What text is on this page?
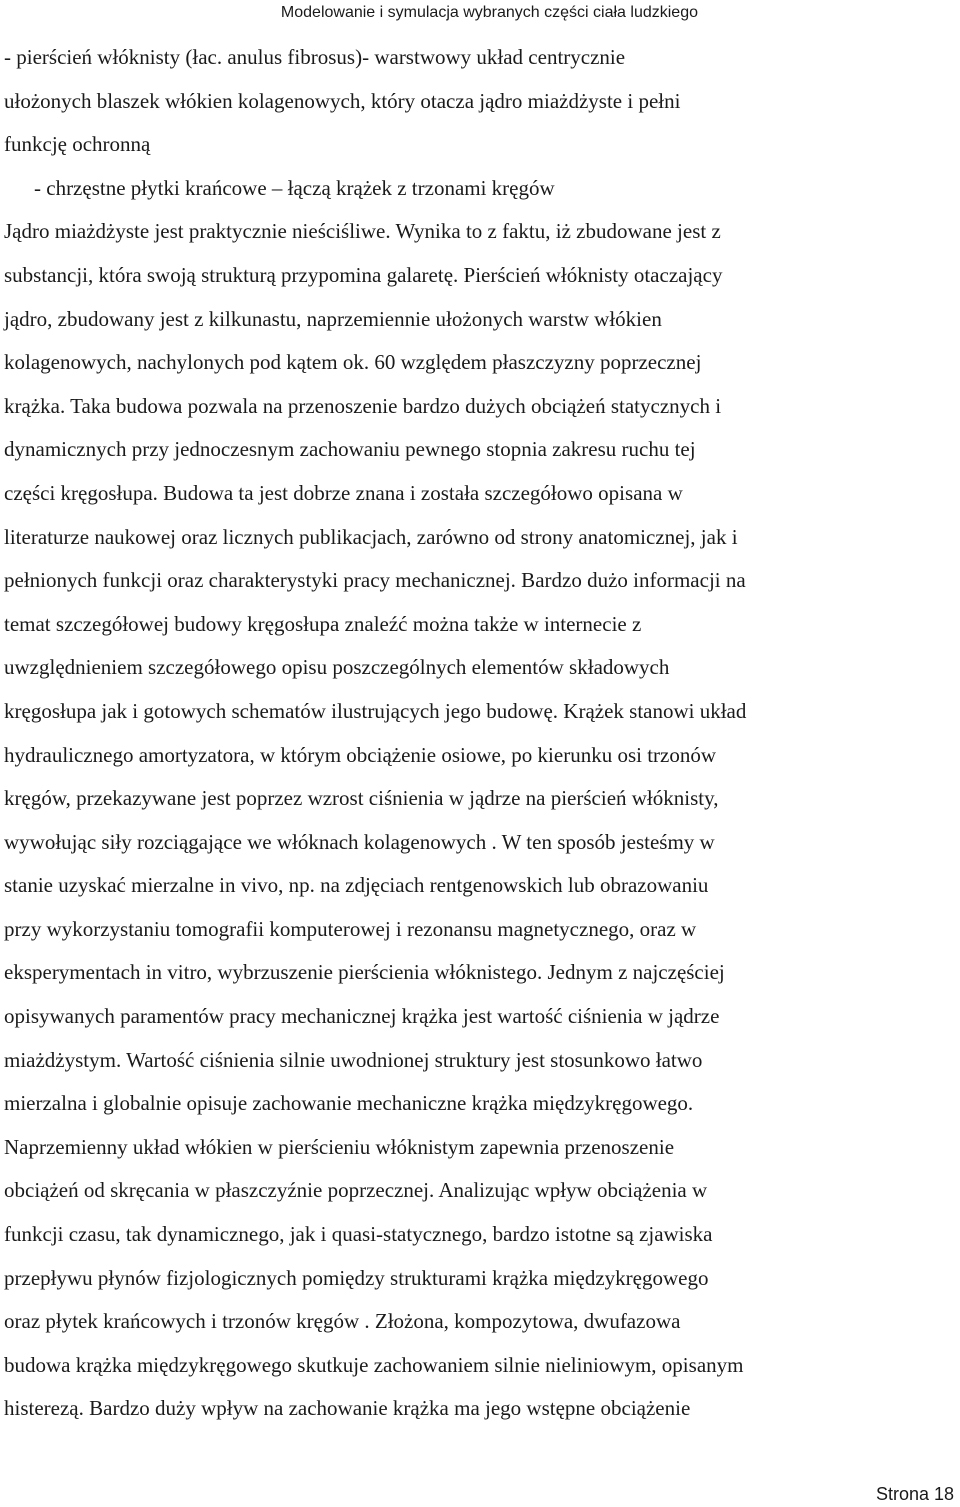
Modelowanie i symulacja wybranych części ciała ludzkiego
- pierścień włóknisty (łac. anulus fibrosus)- warstwowy układ centrycznie
ułożonych blaszek włókien kolagenowych, który otacza jądro miażdżyste i pełni
funkcję ochronną
- chrzęstne płytki krańcowe – łączą krążek z trzonami kręgów
Jądro miażdżyste jest praktycznie nieściśliwe. Wynika to z faktu, iż zbudowane jest z
substancji, która swoją strukturą przypomina galaretę. Pierścień włóknisty otaczający
jądro, zbudowany jest z kilkunastu, naprzemiennie ułożonych warstw włókien
kolagenowych, nachylonych pod kątem ok. 60 względem płaszczyzny poprzecznej
krążka. Taka budowa pozwala na przenoszenie bardzo dużych obciążeń statycznych i
dynamicznych przy jednoczesnym zachowaniu pewnego stopnia zakresu ruchu tej
części kręgosłupa. Budowa ta jest dobrze znana i została szczegółowo opisana w
literaturze naukowej oraz licznych publikacjach, zarówno od strony anatomicznej, jak i
pełnionych funkcji oraz charakterystyki pracy mechanicznej. Bardzo dużo informacji na
temat szczegółowej budowy kręgosłupa znaleźć można także w internecie z
uwzględnieniem szczegółowego opisu poszczególnych elementów składowych
kręgosłupa jak i gotowych schematów ilustrujących jego budowę. Krążek stanowi układ
hydraulicznego amortyzatora, w którym obciążenie osiowe, po kierunku osi trzonów
kręgów, przekazywane jest poprzez wzrost ciśnienia w jądrze na pierścień włóknisty,
wywołując siły rozciągające we włóknach kolagenowych . W ten sposób jesteśmy w
stanie uzyskać mierzalne in vivo, np. na zdjęciach rentgenowskich lub obrazowaniu
przy wykorzystaniu tomografii komputerowej i rezonansu magnetycznego, oraz w
eksperymentach in vitro, wybrzuszenie pierścienia włóknistego. Jednym z najczęściej
opisywanych paramentów pracy mechanicznej krążka jest wartość ciśnienia w jądrze
miażdżystym. Wartość ciśnienia silnie uwodnionej struktury jest stosunkowo łatwo
mierzalna i globalnie opisuje zachowanie mechaniczne krążka międzykręgowego.
Naprzemienny układ włókien w pierścieniu włóknistym zapewnia przenoszenie
obciążeń od skręcania w płaszczyźnie poprzecznej. Analizując wpływ obciążenia w
funkcji czasu, tak dynamicznego, jak i quasi-statycznego, bardzo istotne są zjawiska
przepływu płynów fizjologicznych pomiędzy strukturami krążka międzykręgowego
oraz płytek krańcowych i trzonów kręgów . Złożona, kompozytowa, dwufazowa
budowa krążka międzykręgowego skutkuje zachowaniem silnie nieliniowym, opisanym
histerezą. Bardzo duży wpływ na zachowanie krążka ma jego wstępne obciążenie
Strona 18
